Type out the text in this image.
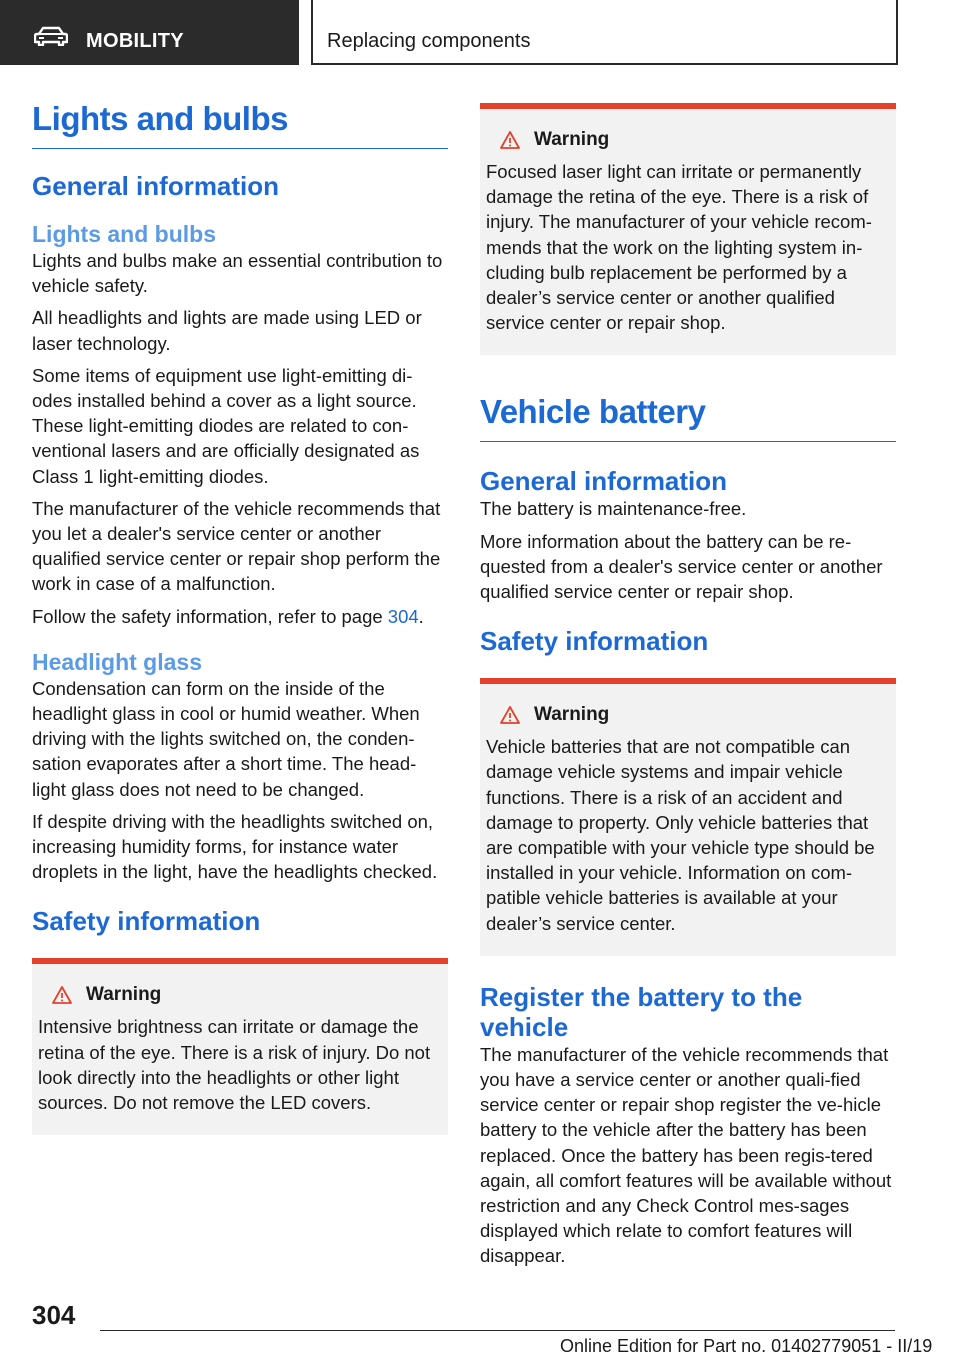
MOBILITY	Replacing components
Lights and bulbs
General information
Lights and bulbs

Lights and bulbs make an essential contribution to vehicle safety.

All headlights and lights are made using LED or laser technology.

Some items of equipment use light-emitting di-odes installed behind a cover as a light source. These light-emitting diodes are related to con-ventional lasers and are officially designated as Class 1 light-emitting diodes.

The manufacturer of the vehicle recommends that you let a dealer's service center or another qualified service center or repair shop perform the work in case of a malfunction.

Follow the safety information, refer to page 304.

Headlight glass

Condensation can form on the inside of the headlight glass in cool or humid weather. When driving with the lights switched on, the conden-sation evaporates after a short time. The head-light glass does not need to be changed.

If despite driving with the headlights switched on, increasing humidity forms, for instance water droplets in the light, have the headlights checked.

Safety information
Warning

Intensive brightness can irritate or damage the retina of the eye. There is a risk of injury. Do not look directly into the headlights or other light sources. Do not remove the LED covers.

Warning

Focused laser light can irritate or permanently damage the retina of the eye. There is a risk of injury. The manufacturer of your vehicle recom-mends that the work on the lighting system in-cluding bulb replacement be performed by a dealer’s service center or another qualified service center or repair shop.

Vehicle battery
General information

The battery is maintenance-free.

More information about the battery can be re-quested from a dealer's service center or another qualified service center or repair shop.

Safety information
Warning

Vehicle batteries that are not compatible can damage vehicle systems and impair vehicle functions. There is a risk of an accident and damage to property. Only vehicle batteries that are compatible with your vehicle type should be installed in your vehicle. Information on com-patible vehicle batteries is available at your dealer’s service center.

Register the battery to the vehicle

The manufacturer of the vehicle recommends that you have a service center or another quali-fied service center or repair shop register the ve-hicle battery to the vehicle after the battery has been replaced. Once the battery has been regis-tered again, all comfort features will be available without restriction and any Check Control mes-sages displayed which relate to comfort features will disappear.

304
Online Edition for Part no. 01402779051 - II/19
